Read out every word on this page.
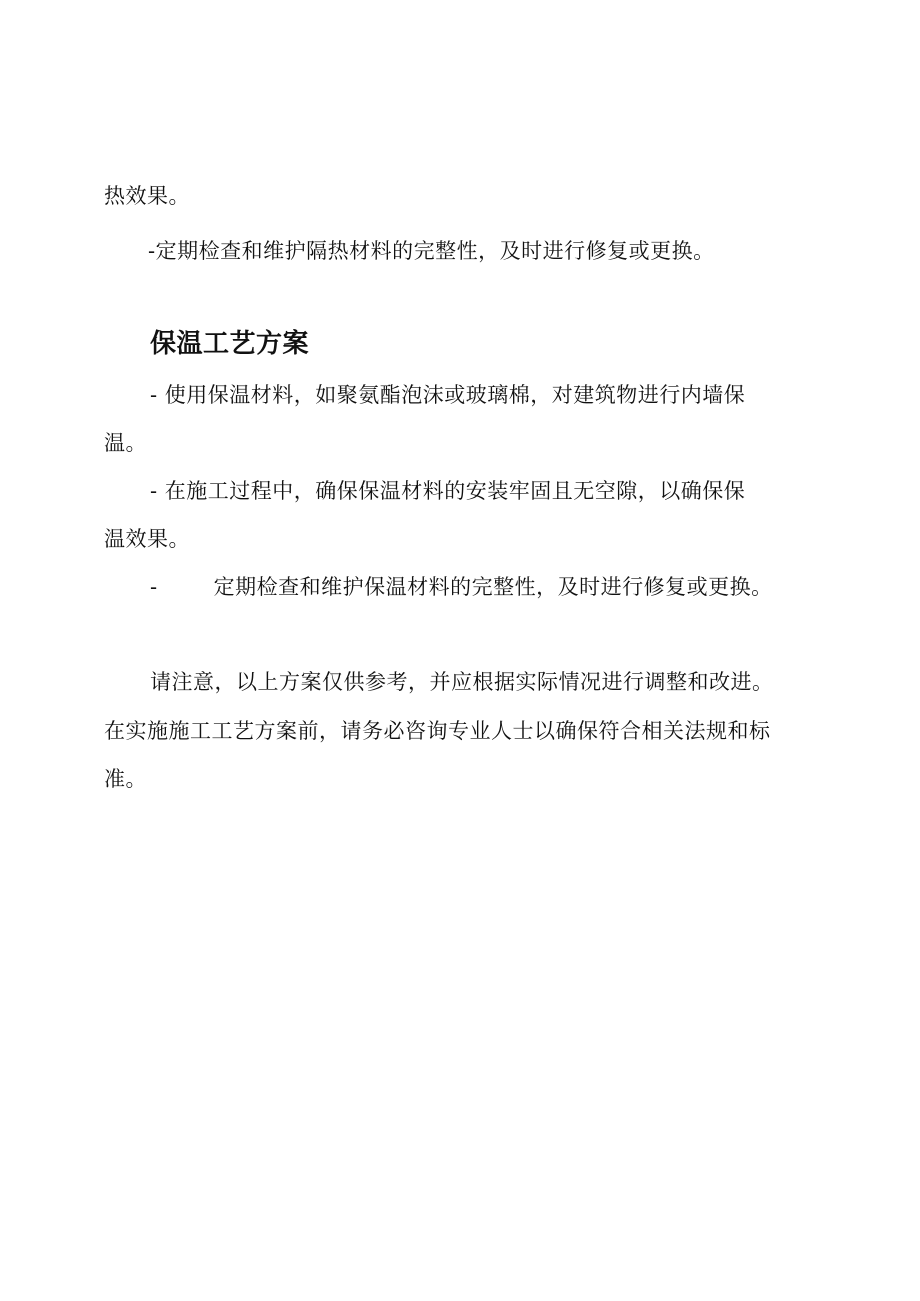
热效果。
-定期检查和维护隔热材料的完整性，及时进行修复或更换。
保温工艺方案
- 使用保温材料，如聚氨酯泡沫或玻璃棉，对建筑物进行内墙保
温。
- 在施工过程中，确保保温材料的安装牢固且无空隙，以确保保
温效果。
-	定期检查和维护保温材料的完整性，及时进行修复或更换。
请注意，以上方案仅供参考，并应根据实际情况进行调整和改进。
在实施施工工艺方案前，请务必咨询专业人士以确保符合相关法规和标
准。
